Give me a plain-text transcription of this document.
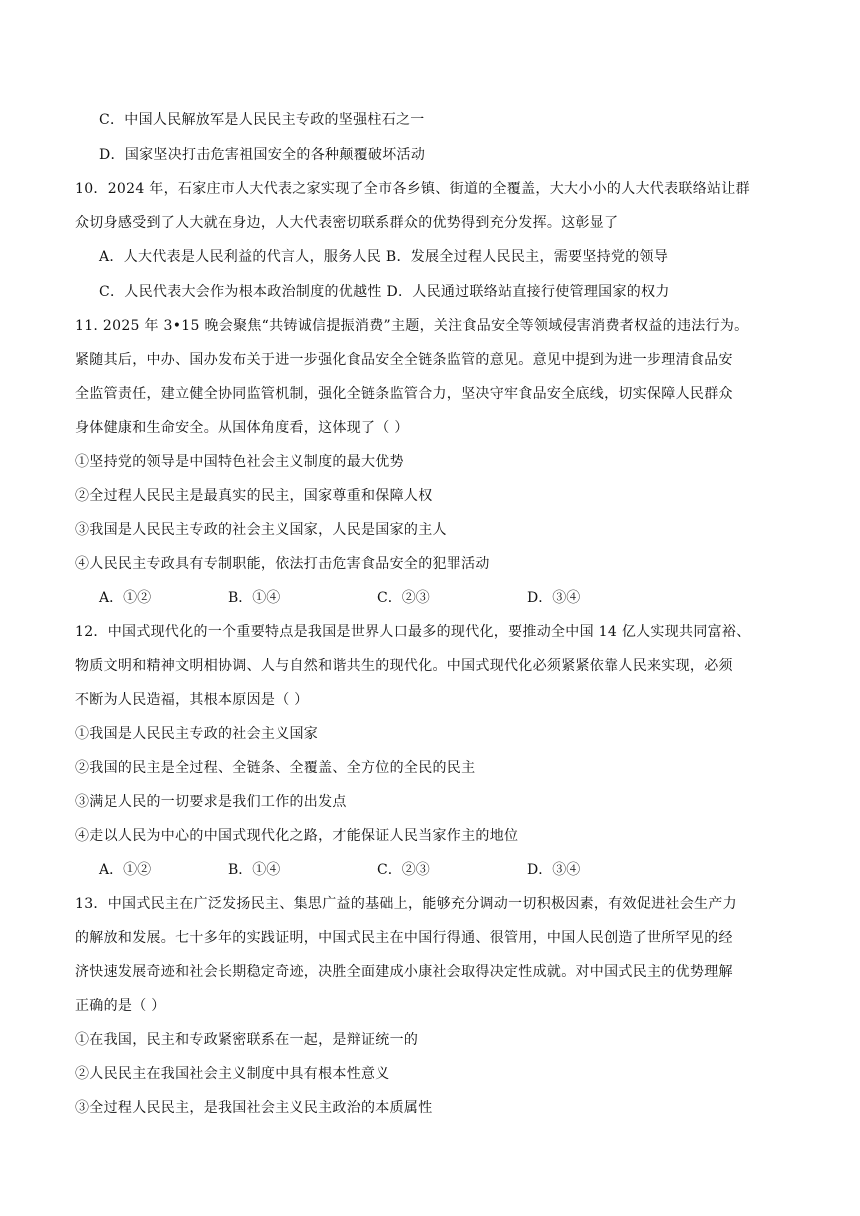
C．中国人民解放军是人民民主专政的坚强柱石之一
D．国家坚决打击危害祖国安全的各种颠覆破坏活动
10．2024 年，石家庄市人大代表之家实现了全市各乡镇、街道的全覆盖，大大小小的人大代表联络站让群
众切身感受到了人大就在身边，人大代表密切联系群众的优势得到充分发挥。这彰显了
A．人大代表是人民利益的代言人，服务人民 B．发展全过程人民民主，需要坚持党的领导
C．人民代表大会作为根本政治制度的优越性 D．人民通过联络站直接行使管理国家的权力
11. 2025 年 3•15 晚会聚焦“共铸诚信提振消费”主题，关注食品安全等领域侵害消费者权益的违法行为。
紧随其后，中办、国办发布关于进一步强化食品安全全链条监管的意见。意见中提到为进一步理清食品安
全监管责任，建立健全协同监管机制，强化全链条监管合力，坚决守牢食品安全底线，切实保障人民群众
身体健康和生命安全。从国体角度看，这体现了（ ）
①坚持党的领导是中国特色社会主义制度的最大优势
②全过程人民民主是最真实的民主，国家尊重和保障人权
③我国是人民民主专政的社会主义国家，人民是国家的主人
④人民民主专政具有专制职能，依法打击危害食品安全的犯罪活动
A．①②	B．①④	C．②③	D．③④
12．中国式现代化的一个重要特点是我国是世界人口最多的现代化，要推动全中国 14 亿人实现共同富裕、
物质文明和精神文明相协调、人与自然和谐共生的现代化。中国式现代化必须紧紧依靠人民来实现，必须
不断为人民造福，其根本原因是（ ）
①我国是人民民主专政的社会主义国家
②我国的民主是全过程、全链条、全覆盖、全方位的全民的民主
③满足人民的一切要求是我们工作的出发点
④走以人民为中心的中国式现代化之路，才能保证人民当家作主的地位
A．①②	B．①④	C．②③	D．③④
13．中国式民主在广泛发扬民主、集思广益的基础上，能够充分调动一切积极因素，有效促进社会生产力
的解放和发展。七十多年的实践证明，中国式民主在中国行得通、很管用，中国人民创造了世所罕见的经
济快速发展奇迹和社会长期稳定奇迹，决胜全面建成小康社会取得决定性成就。对中国式民主的优势理解
正确的是（ ）
①在我国，民主和专政紧密联系在一起，是辩证统一的
②人民民主在我国社会主义制度中具有根本性意义
③全过程人民民主，是我国社会主义民主政治的本质属性
